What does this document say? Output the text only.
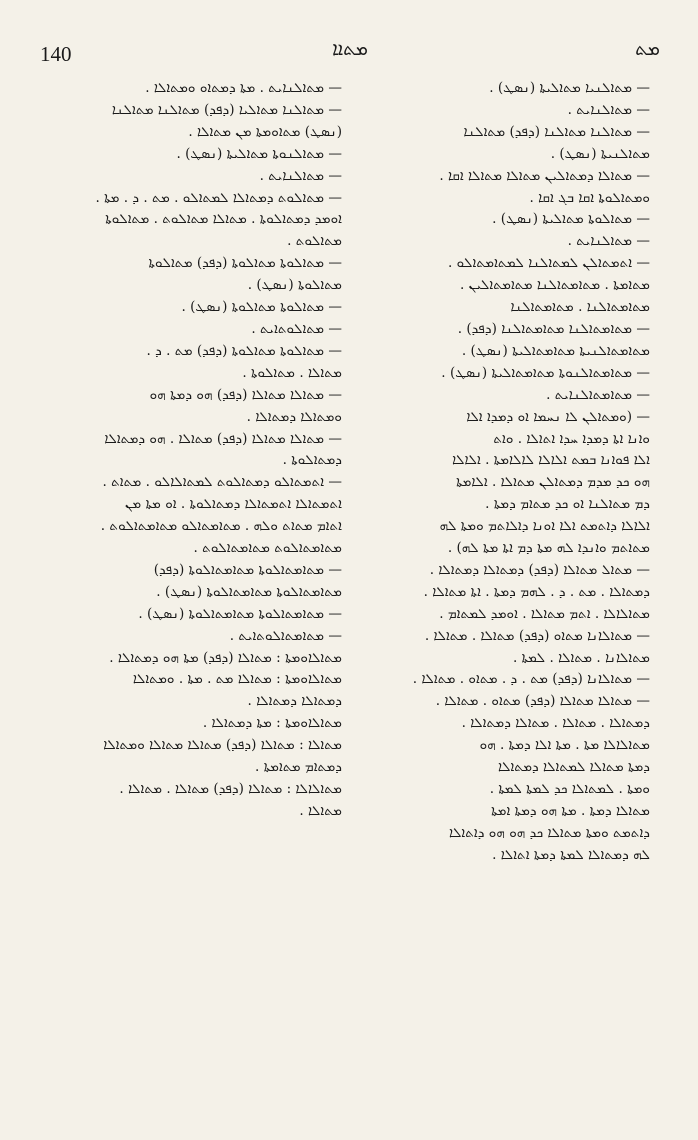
140	ܡܬܐܐ	ܡܬ

— ܡܬܐܠܢܝܐ ܡܬܐܠܝܬܐ (ܢܣܛ) .

— ܡܬܐܠܢܐܝܬ .

— ܡܬܐܠܢܐ ܡܬܐܠܢܐ (ܕܦܕ) ܡܬܐܠܢܐ

ܡܬܐܠܢܝܬܐ (ܢܣܛ) .

— ܡܬܐܠܐ ܕܡܬܐܠܝܢ ܡܬܐܠܐ ܡܬܐܠܐ ܐܩܐ .

ܘܡܬܐܠܘܬܐ ܐܩܐ ܒܓ ܐܩܐ .

— ܡܬܐܠܘܬܐ ܡܬܐܠܝܬܐ (ܢܣܛ) .

— ܡܬܐܠܢܐܝܬ .

— ܐܬܡܬܐܠܢ ܠܡܬܐܠܢܐ ܠܡܬܐܡܬܐܠܘ .

ܡܬܐܡܬܐ . ܡܬܐܡܬܐܠܢܐ ܡܬܐܡܬܐܠܝܢ .

ܡܬܐܡܬܐܠܢܐ . ܡܬܐܡܬܐܠܢܐ

— ܡܬܐܡܬܐܠܢܐ ܡܬܐܡܬܐܠܢܐ (ܕܦܕ) .

ܡܬܐܡܬܐܠܢܝܬܐ ܡܬܐܡܬܐܠܝܬܐ (ܢܣܛ) .

— ܡܬܐܡܬܐܠܢܘܬܐ ܡܬܐܡܬܐܠܝܬܐ (ܢܣܛ) .

— ܡܬܐܡܬܐܠܢܐܝܬ .

— (ܘܡܬܐܠܢ ܠܐ ܢܚܡܐ ܐܘ ܕܡܕܐ ܐܠܐ

ܘܐܢܐ ܐܬܐ ܕܡܕܐ ܚܕܐ ܐܬܐܠܐ . ܘܐܬ

ܐܠܐ ܦܘܐܢܐ ܒܡܬ ܐܠܐܠܐ ܠܐܠܐܡܬܐ . ܐܠܐܠܐ

ܗܘ ܟܕ ܡܕܡ ܕܡܬܐܠܢ ܡܬܐܠܐ . ܐܠܐܡܬܐ

ܕܡ ܡܬܐܠܢܐ ܐܘ ܟܕ ܡܬܐܡ ܕܡܬܐ .

ܐܠܐܠܐ ܕܐܬܡܬ ܐܠܐ ܐܘܢܐ ܕܐܠܐܬܡ ܘܡܬܐ ܠܗ

ܡܬܐܬܡ ܘܐܢܕܐ ܠܗ ܡܬܐ ܕܡ ܐܬܐ ܡܬܐ ܠܗ) .

— ܡܬܐܠ ܡܬܐܠܐ (ܕܦܕ) ܕܡܬܐܠܐ ܕܡܬܐܠܐ .

ܕܡܬܐܠܐ . ܡܬ . ܕ . ܠܗܡ ܕܡܬܐ . ܐܬܐ ܡܬܐܠܐ .

ܡܬܐܠܐܠܐ . ܐܬܡ ܡܬܐܠܐ . ܐܘܡܕ ܠܡܬܐܡ .

— ܡܬܐܠܐܢܐ ܡܬܐܘ (ܕܦܕ) ܡܬܐܠܐ . ܡܬܐܠܐ .

ܡܬܐܠܐܢܐ . ܡܬܐܠܐ . ܠܡܬܐ .

— ܡܬܐܠܐܢܐ (ܕܦܕ) ܡܬ . ܕ . ܡܬܐܘ . ܡܬܐܠܐ .

— ܡܬܐܠܐ ܡܬܐܠܐ (ܕܦܕ) ܡܬܐܘ . ܡܬܐܠܐ .

ܕܡܬܐܠܐ . ܡܬܐܠܐ . ܡܬܐܠܐ ܕܡܬܐܠܐ .

ܡܬܐܠܐܠܐ ܡܬܐ . ܡܬܐ ܐܠܐ ܕܡܬܐ . ܗܘ

ܕܡܬܐ ܡܬܐܠܐ ܠܡܬܐܠܐ ܕܡܬܐܠܐ

ܘܡܬܐ . ܠܡܬܐܠܐ ܟܕ ܠܡܬܐ ܠܡܬܐ .

ܡܬܐܠܐ ܕܡܬܐ . ܡܬܐ ܗܘ ܕܡܬܐ ܐܡܬܐ

ܕܐܬܡܬ ܘܡܬܐ ܡܬܐܠܐ ܟܕ ܗܘ ܗܘ ܕܐܬܐܠܐ

ܠܗ ܕܡܬܐܠܐ ܠܡܬܐ ܕܡܬܐ ܐܬܐܠܐ .

— ܡܬܐܠܢܐܝܬ . ܡܬܐ ܕܡܬܐܘ ܘܡܬܐܠܐ .

— ܡܬܐܠܢܐ ܡܬܐܠܝܐ (ܕܦܕ) ܡܬܐܠܢܐ ܡܬܐܠܢܐ

(ܢܣܛ) ܡܬܐܘܡܬܐ ܡܢ ܡܬܐܠܐ .

— ܡܬܐܠܢܘܬܐ ܡܬܐܠܝܬܐ (ܢܣܛ) .

— ܡܬܐܠܢܐܝܬ .

— ܡܬܐܠܘܬ ܕܡܬܐܠܐ ܠܡܬܐܠܘ . ܡܬ . ܕ . ܡܬܐ .

ܐܘܡܕ ܕܡܬܐܠܘܬܐ . ܡܬܐܠܐ ܡܬܐܠܘܬ . ܡܬܐܠܘܬܐ

ܡܬܐܠܘܬ .

— ܡܬܐܠܘܬܐ ܡܬܐܠܘܬܐ (ܕܦܕ) ܡܬܐܠܘܬܐ

ܡܬܐܠܘܬܐ (ܢܣܛ) .

— ܡܬܐܠܘܬܐ ܡܬܐܠܘܬܐ (ܢܣܛ) .

— ܡܬܐܠܘܬܐܝܬ .

— ܡܬܐܠܘܬܐ ܡܬܐܠܘܬܐ (ܕܦܕ) ܡܬ . ܕ .

ܡܬܐܠܐ . ܡܬܐܠܘܬܐ .

— ܡܬܐܠܐ ܡܬܐܠܐ (ܕܦܕ) ܗܘ ܕܡܬܐ ܗܘ

ܘܡܬܐܠܐ ܕܡܬܐܠܐ .

— ܡܬܐܠܐ ܡܬܐܠܐ (ܕܦܕ) ܡܬܐܠܐ . ܗܘ ܕܡܬܐܠܐ

ܕܡܬܐܠܘܬܐ .

— ܐܬܡܬܐܠܘ ܕܡܬܐܠܘܬ ܠܡܬܐܠܐܠܘ . ܡܬܐܬ .

ܐܬܡܬܐܠܐ ܐܬܡܬܐܠܐ ܕܡܬܐܠܘܬܐ . ܐܘ ܡܬܐ ܡܢ

ܐܬܐܡ ܡܬܐܬ ܘܠܗ . ܡܬܐܡܬܐܠܘ ܡܬܐܡܬܐܠܘܬ .

ܡܬܐܡܬܐܠܘܬ ܡܬܐܡܬܐܠܘܬ .

— ܡܬܐܡܬܐܠܘܬܐ ܡܬܐܡܬܐܠܘܬܐ (ܕܦܕ)

ܡܬܐܡܬܐܠܘܬܐ ܡܬܐܡܬܐܠܘܬܐ (ܢܣܛ) .

— ܡܬܐܡܬܐܠܘܬܐ ܡܬܐܡܬܐܠܘܬܐ (ܢܣܛ) .

— ܡܬܐܡܬܐܠܘܬܐܝܬ .

ܡܬܐܠܐܘܡܬܐ : ܡܬܐܠܐ (ܕܦܕ) ܡܬܐ ܗܘ ܕܡܬܐܠܐ .

ܡܬܐܠܐܘܡܬܐ : ܡܬܐܠܐ ܡܬ . ܡܬܐ . ܘܡܬܐܠܐ

ܕܡܬܐܠܐ ܕܡܬܐܠܐ .

ܡܬܐܠܐܘܡܬܐ : ܡܬܐ ܕܡܬܐܠܐ .

ܡܬܐܠܐ : ܡܬܐܠܐ (ܕܦܕ) ܡܬܐܠܐ ܡܬܐܠܐ ܘܡܬܐܠܐ

ܕܡܬܐܡ ܡܬܐܡܬܐ .

ܡܬܐܠܐܠܐ : ܡܬܐܠܐ (ܕܦܕ) ܡܬܐܠܐ . ܡܬܐܠܐ .

ܡܬܐܠܐ .
